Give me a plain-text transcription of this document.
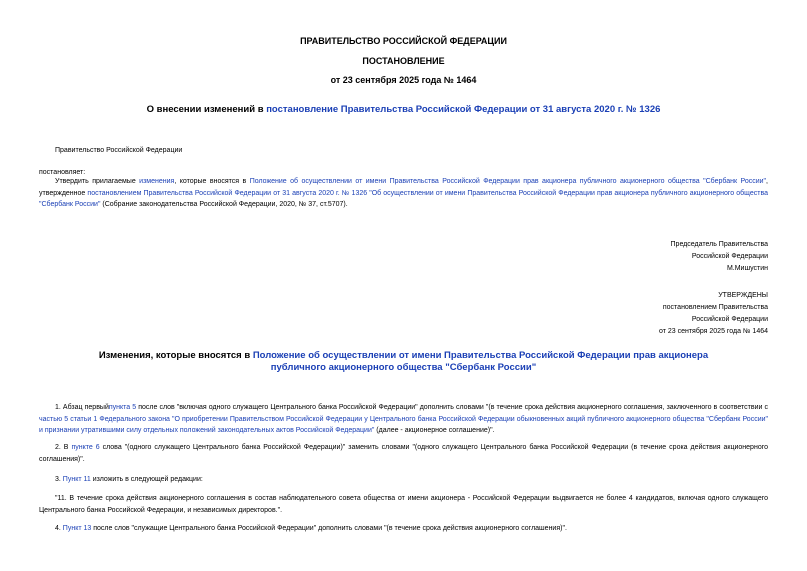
ПРАВИТЕЛЬСТВО РОССИЙСКОЙ ФЕДЕРАЦИИ
ПОСТАНОВЛЕНИЕ
от 23 сентября 2025 года № 1464
О внесении изменений в постановление Правительства Российской Федерации от 31 августа 2020 г. № 1326
Правительство Российской Федерации
постановляет:
Утвердить прилагаемые изменения, которые вносятся в Положение об осуществлении от имени Правительства Российской Федерации прав акционера публичного акционерного общества "Сбербанк России", утвержденное постановлением Правительства Российской Федерации от 31 августа 2020 г. № 1326 "Об осуществлении от имени Правительства Российской Федерации прав акционера публичного акционерного общества "Сбербанк России" (Собрание законодательства Российской Федерации, 2020, № 37, ст.5707).
Председатель Правительства
Российской Федерации
М.Мишустин
УТВЕРЖДЕНЫ
постановлением Правительства
Российской Федерации
от 23 сентября 2025 года № 1464
Изменения, которые вносятся в Положение об осуществлении от имени Правительства Российской Федерации прав акционера публичного акционерного общества "Сбербанк России"
1. Абзац первыйпункта 5 после слов "включая одного служащего Центрального банка Российской Федерации" дополнить словами "(в течение срока действия акционерного соглашения, заключенного в соответствии с частью 5 статьи 1 Федерального закона "О приобретении Правительством Российской Федерации у Центрального банка Российской Федерации обыкновенных акций публичного акционерного общества "Сбербанк России" и признании утратившими силу отдельных положений законодательных актов Российской Федерации" (далее - акционерное соглашение)".
2. В пункте 6 слова "(одного служащего Центрального банка Российской Федерации)" заменить словами "(одного служащего Центрального банка Российской Федерации (в течение срока действия акционерного соглашения)".
3. Пункт 11 изложить в следующей редакции:
"11. В течение срока действия акционерного соглашения в состав наблюдательного совета общества от имени акционера - Российской Федерации выдвигается не более 4 кандидатов, включая одного служащего Центрального банка Российской Федерации, и независимых директоров.".
4. Пункт 13 после слов "служащие Центрального банка Российской Федерации" дополнить словами "(в течение срока действия акционерного соглашения)".
